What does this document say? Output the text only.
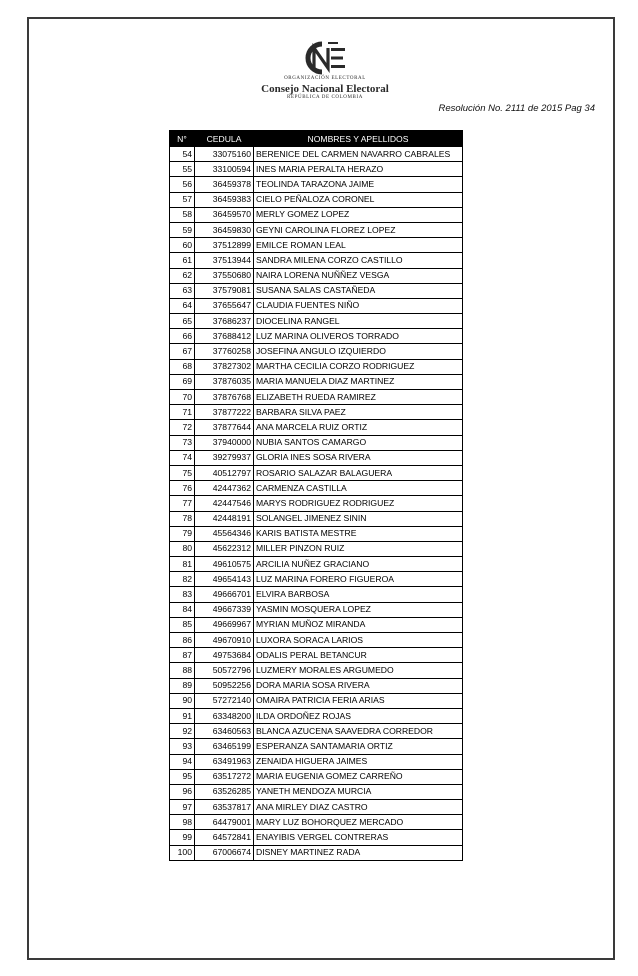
ORGANIZACIÓN ELECTORAL
Consejo Nacional Electoral
REPÚBLICA DE COLOMBIA
Resolución No. 2111 de 2015 Pag 34
N°	CEDULA	NOMBRES Y APELLIDOS
54	33075160	BERENICE DEL CARMEN NAVARRO CABRALES
55	33100594	INES MARIA PERALTA HERAZO
56	36459378	TEOLINDA TARAZONA JAIME
57	36459383	CIELO PEÑALOZA CORONEL
58	36459570	MERLY GOMEZ LOPEZ
59	36459830	GEYNI CAROLINA FLOREZ LOPEZ
60	37512899	EMILCE ROMAN LEAL
61	37513944	SANDRA MILENA CORZO CASTILLO
62	37550680	NAIRA LORENA NUÑÑEZ VESGA
63	37579081	SUSANA SALAS CASTAÑEDA
64	37655647	CLAUDIA FUENTES NIÑO
65	37686237	DIOCELINA RANGEL
66	37688412	LUZ MARINA OLIVEROS TORRADO
67	37760258	JOSEFINA ANGULO IZQUIERDO
68	37827302	MARTHA CECILIA CORZO RODRIGUEZ
69	37876035	MARIA MANUELA DIAZ MARTINEZ
70	37876768	ELIZABETH RUEDA RAMIREZ
71	37877222	BARBARA SILVA PAEZ
72	37877644	ANA MARCELA RUIZ ORTIZ
73	37940000	NUBIA SANTOS CAMARGO
74	39279937	GLORIA INES SOSA RIVERA
75	40512797	ROSARIO SALAZAR BALAGUERA
76	42447362	CARMENZA CASTILLA
77	42447546	MARYS RODRIGUEZ RODRIGUEZ
78	42448191	SOLANGEL JIMENEZ SININ
79	45564346	KARIS BATISTA MESTRE
80	45622312	MILLER PINZON RUIZ
81	49610575	ARCILIA NUÑEZ GRACIANO
82	49654143	LUZ MARINA FORERO FIGUEROA
83	49666701	ELVIRA BARBOSA
84	49667339	YASMIN MOSQUERA LOPEZ
85	49669967	MYRIAN MUÑOZ MIRANDA
86	49670910	LUXORA SORACA LARIOS
87	49753684	ODALIS PERAL BETANCUR
88	50572796	LUZMERY MORALES ARGUMEDO
89	50952256	DORA MARIA SOSA RIVERA
90	57272140	OMAIRA PATRICIA FERIA ARIAS
91	63348200	ILDA ORDOÑEZ ROJAS
92	63460563	BLANCA AZUCENA SAAVEDRA CORREDOR
93	63465199	ESPERANZA SANTAMARIA ORTIZ
94	63491963	ZENAIDA HIGUERA JAIMES
95	63517272	MARIA EUGENIA GOMEZ CARREÑO
96	63526285	YANETH MENDOZA MURCIA
97	63537817	ANA MIRLEY DIAZ CASTRO
98	64479001	MARY LUZ BOHORQUEZ MERCADO
99	64572841	ENAYIBIS VERGEL CONTRERAS
100	67006674	DISNEY MARTINEZ RADA
